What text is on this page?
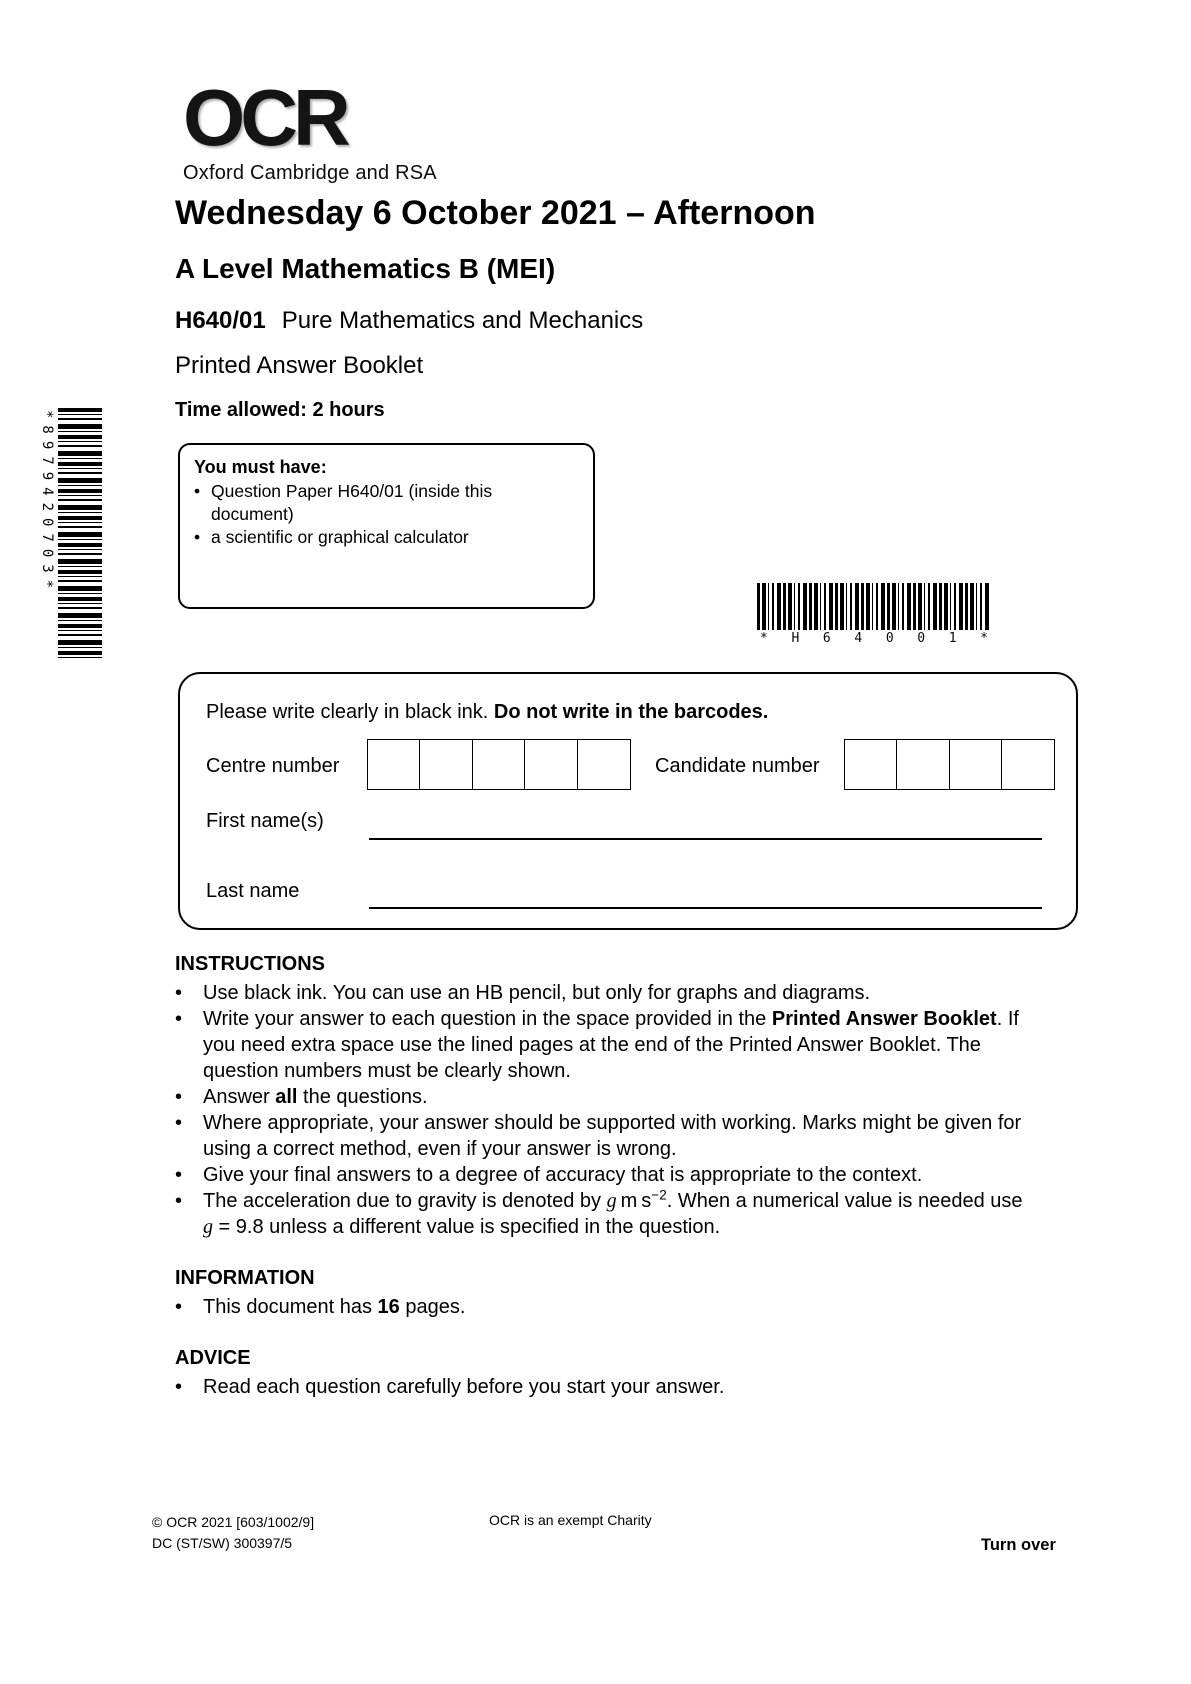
OCR
Oxford Cambridge and RSA
Wednesday 6 October 2021 – Afternoon
A Level Mathematics B (MEI)
H640/01 Pure Mathematics and Mechanics
Printed Answer Booklet
Time allowed: 2 hours
*8979420703*	You must have:
• Question Paper H640/01 (inside this document)
• a scientific or graphical calculator
* H 6 4 0 0 1 *
Please write clearly in black ink. Do not write in the barcodes.
Centre number	Candidate number
First name(s)
Last name
INSTRUCTIONS
•	Use black ink. You can use an HB pencil, but only for graphs and diagrams.
•	Write your answer to each question in the space provided in the Printed Answer Booklet. If you need extra space use the lined pages at the end of the Printed Answer Booklet. The question numbers must be clearly shown.
•	Answer all the questions.
•	Where appropriate, your answer should be supported with working. Marks might be given for using a correct method, even if your answer is wrong.
•	Give your final answers to a degree of accuracy that is appropriate to the context.
•	The acceleration due to gravity is denoted by g m $s^{-2}$. When a numerical value is needed use g = 9.8 unless a different value is specified in the question.
INFORMATION
•	This document has 16 pages.
ADVICE
•	Read each question carefully before you start your answer.
© OCR 2021 [603/1002/9]
DC (ST/SW) 300397/5
OCR is an exempt Charity
Turn over
